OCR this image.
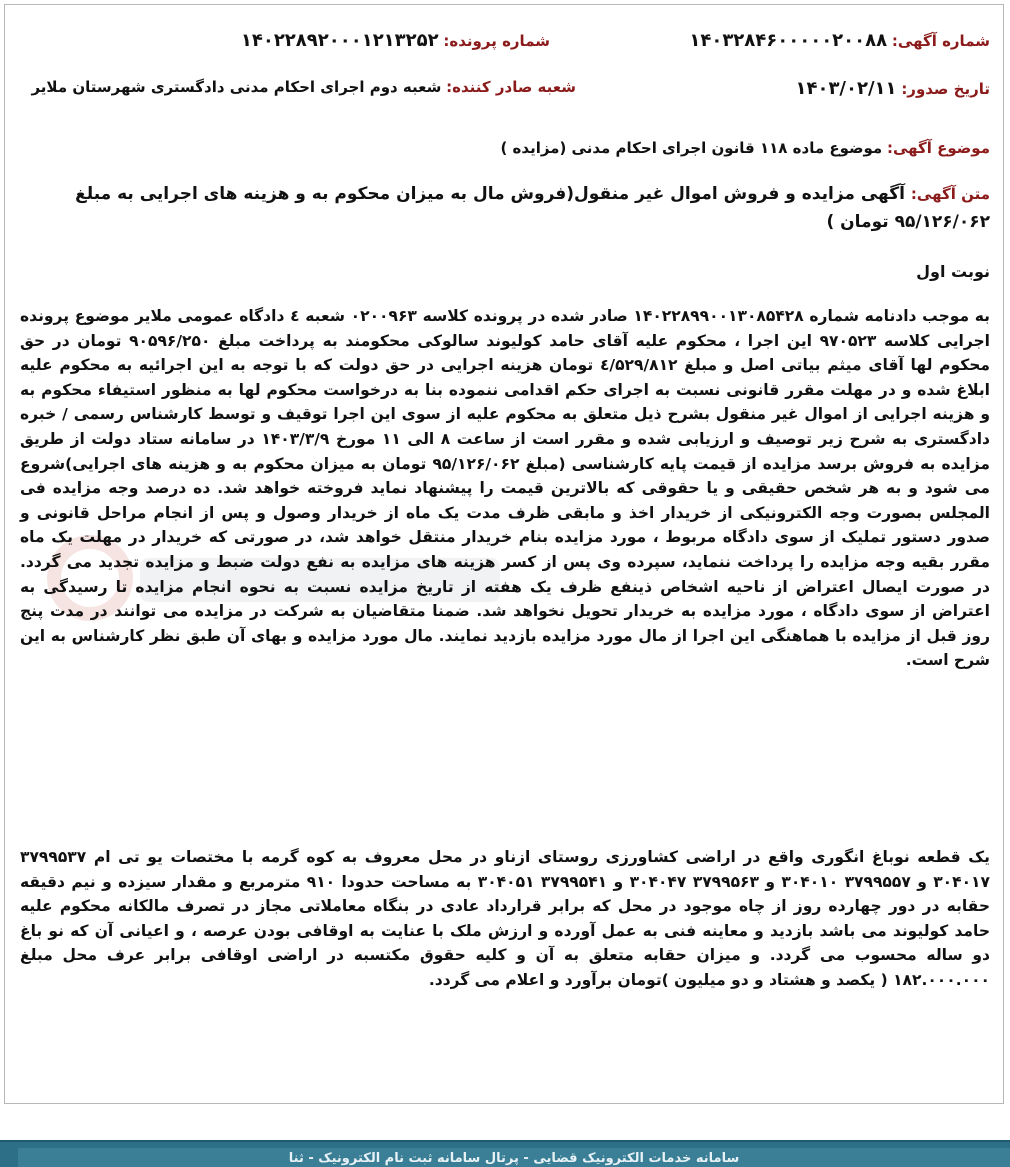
شماره آگهی: ۱۴۰۳۲۸۴۶۰۰۰۰۰۲۰۰۸۸
شماره پرونده: ۱۴۰۲۲۸۹۲۰۰۰۱۲۱۳۲۵۲
تاریخ صدور: ۱۴۰۳/۰۲/۱۱
شعبه صادر کننده: شعبه دوم اجرای احکام مدنی دادگستری شهرستان ملایر
موضوع آگهی: موضوع ماده ۱۱۸ قانون اجرای احکام مدنی (مزایده )
متن آگهی: آگهی مزایده و فروش اموال غیر منقول(فروش مال به میزان محکوم به و هزینه های اجرایی به مبلغ ۹۵/۱۲۶/۰۶۲ تومان )
نوبت اول
به موجب دادنامه شماره ۱۴۰۲۲۸۹۹۰۰۱۳۰۸۵۴۲۸ صادر شده در پرونده کلاسه ۰۲۰۰۹۶۳ شعبه ٤ دادگاه عمومی ملایر موضوع پرونده اجرایی کلاسه ۹۷۰۵۲۳ این اجرا ، محکوم علیه آقای حامد کولیوند سالوکی محکومند به پرداخت مبلغ ۹۰۵۹۶/۲۵۰ تومان در حق محکوم لها آقای میثم بیاتی اصل و مبلغ ٤/۵۲۹/۸۱۲ تومان هزینه اجرایی در حق دولت که با توجه به این اجرائیه به محکوم علیه ابلاغ شده و در مهلت مقرر قانونی نسبت به اجرای حکم اقدامی ننموده بنا به درخواست محکوم لها به منظور استیفاء محکوم به و هزینه اجرایی از اموال غیر منقول بشرح ذیل متعلق به محکوم علیه از سوی این اجرا توقیف و توسط کارشناس رسمی / خبره دادگستری به شرح زیر توصیف و ارزیابی شده و مقرر است از ساعت ۸ الی ۱۱ مورخ ۱۴۰۳/۳/۹ در سامانه ستاد دولت از طریق مزایده به فروش برسد مزایده از قیمت پایه کارشناسی (مبلغ ۹۵/۱۲۶/۰۶۲ تومان به میزان محکوم به و هزینه های اجرایی)شروع می شود و به هر شخص حقیقی و یا حقوقی که بالاترین قیمت را پیشنهاد نماید فروخته خواهد شد. ده درصد وجه مزایده فی المجلس بصورت وجه الکترونیکی از خریدار اخذ و مابقی ظرف مدت یک ماه از خریدار وصول و پس از انجام مراحل قانونی و صدور دستور تملیک از سوی دادگاه مربوط ، مورد مزایده بنام خریدار منتقل خواهد شد، در صورتی که خریدار در مهلت یک ماه مقرر بقیه وجه مزایده را پرداخت ننماید، سپرده وی پس از کسر هزینه های مزایده به نفع دولت ضبط و مزایده تجدید می گردد. در صورت ایصال اعتراض از ناحیه اشخاص ذینفع ظرف یک هفته از تاریخ مزایده نسبت به نحوه انجام مزایده تا رسیدگی به اعتراض از سوی دادگاه ، مورد مزایده به خریدار تحویل نخواهد شد. ضمنا متقاضیان به شرکت در مزایده می توانند در مدت پنج روز قبل از مزایده با هماهنگی این اجرا از مال مورد مزایده بازدید نمایند. مال مورد مزایده و بهای آن طبق نظر کارشناس به این شرح است.
یک قطعه نوباغ انگوری واقع در اراضی کشاورزی روستای ازناو در محل معروف به کوه گرمه با مختصات یو تی ام ۳۷۹۹۵۳۷ ۳۰۴۰۱۷ و ۳۷۹۹۵۵۷ ۳۰۴۰۱۰ و ۳۷۹۹۵۶۳ ۳۰۴۰۴۷ و ۳۷۹۹۵۴۱ ۳۰۴۰۵۱ به مساحت حدودا ۹۱۰ مترمربع و مقدار سیزده و نیم دقیقه حقابه در دور چهارده روز از چاه موجود در محل که برابر قرارداد عادی در بنگاه معاملاتی مجاز در تصرف مالکانه محکوم علیه حامد کولیوند می باشد بازدید و معاینه فنی به عمل آورده و ارزش ملک با عنایت به اوقافی بودن عرصه ، و اعیانی آن که نو باغ دو ساله محسوب می گردد. و میزان حقابه متعلق به آن و کلیه حقوق مکتسبه در اراضی اوقافی برابر عرف محل مبلغ ۱۸۲.۰۰۰.۰۰۰ ( یکصد و هشتاد و دو میلیون )تومان برآورد و اعلام می گردد.
سامانه خدمات الکترونیک قضایی - پرتال سامانه ثبت نام الکترونیک - ثنا
